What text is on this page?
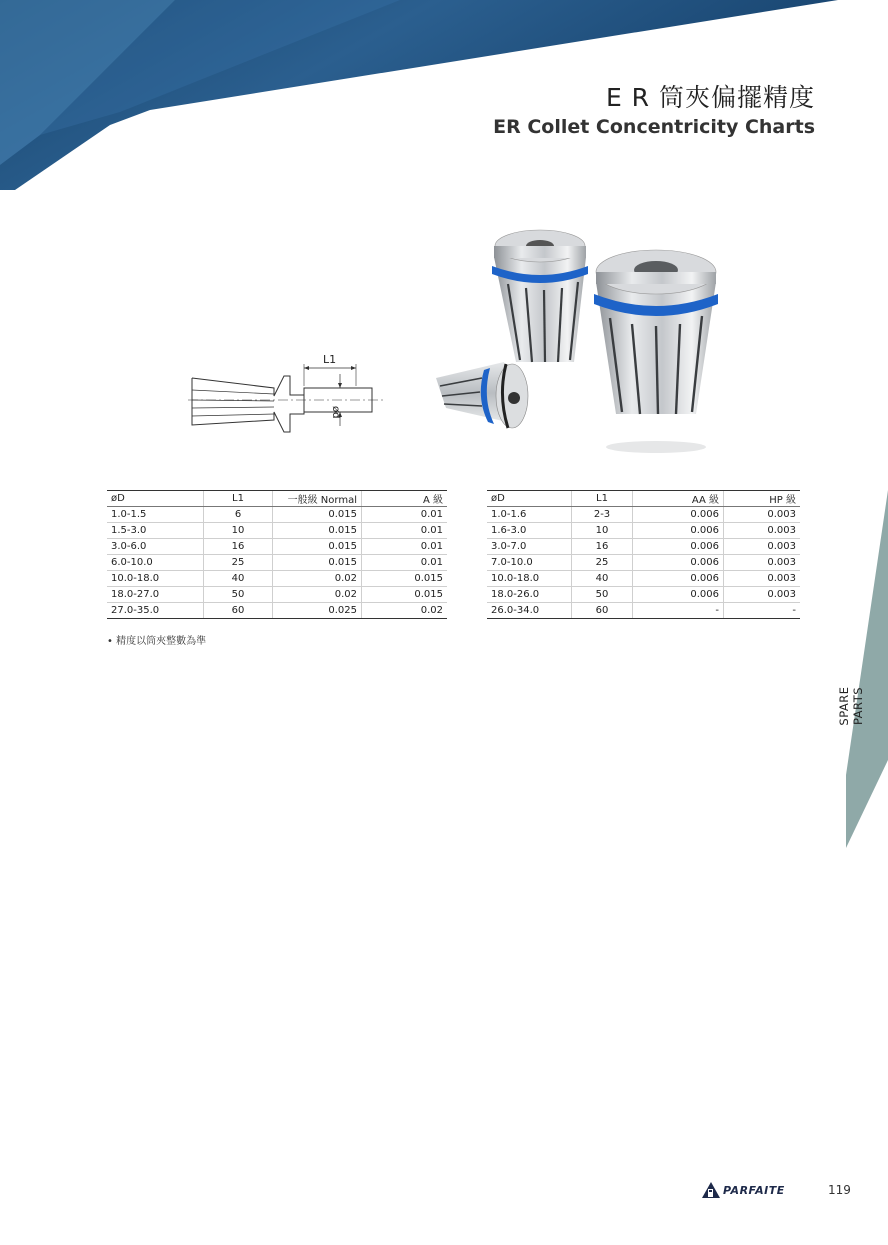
E R 筒夾偏擺精度
ER Collet Concentricity Charts
L1
ød
øD	L1	一般級 Normal	A 級
1.0-1.5	6	0.015	0.01
1.5-3.0	10	0.015	0.01
3.0-6.0	16	0.015	0.01
6.0-10.0	25	0.015	0.01
10.0-18.0	40	0.02	0.015
18.0-27.0	50	0.02	0.015
27.0-35.0	60	0.025	0.02
øD	L1	AA 級	HP 級
1.0-1.6	2-3	0.006	0.003
1.6-3.0	10	0.006	0.003
3.0-7.0	16	0.006	0.003
7.0-10.0	25	0.006	0.003
10.0-18.0	40	0.006	0.003
18.0-26.0	50	0.006	0.003
26.0-34.0	60	-	-

• 精度以筒夾整數為準

SPARE PARTS
PARFAITE	119
